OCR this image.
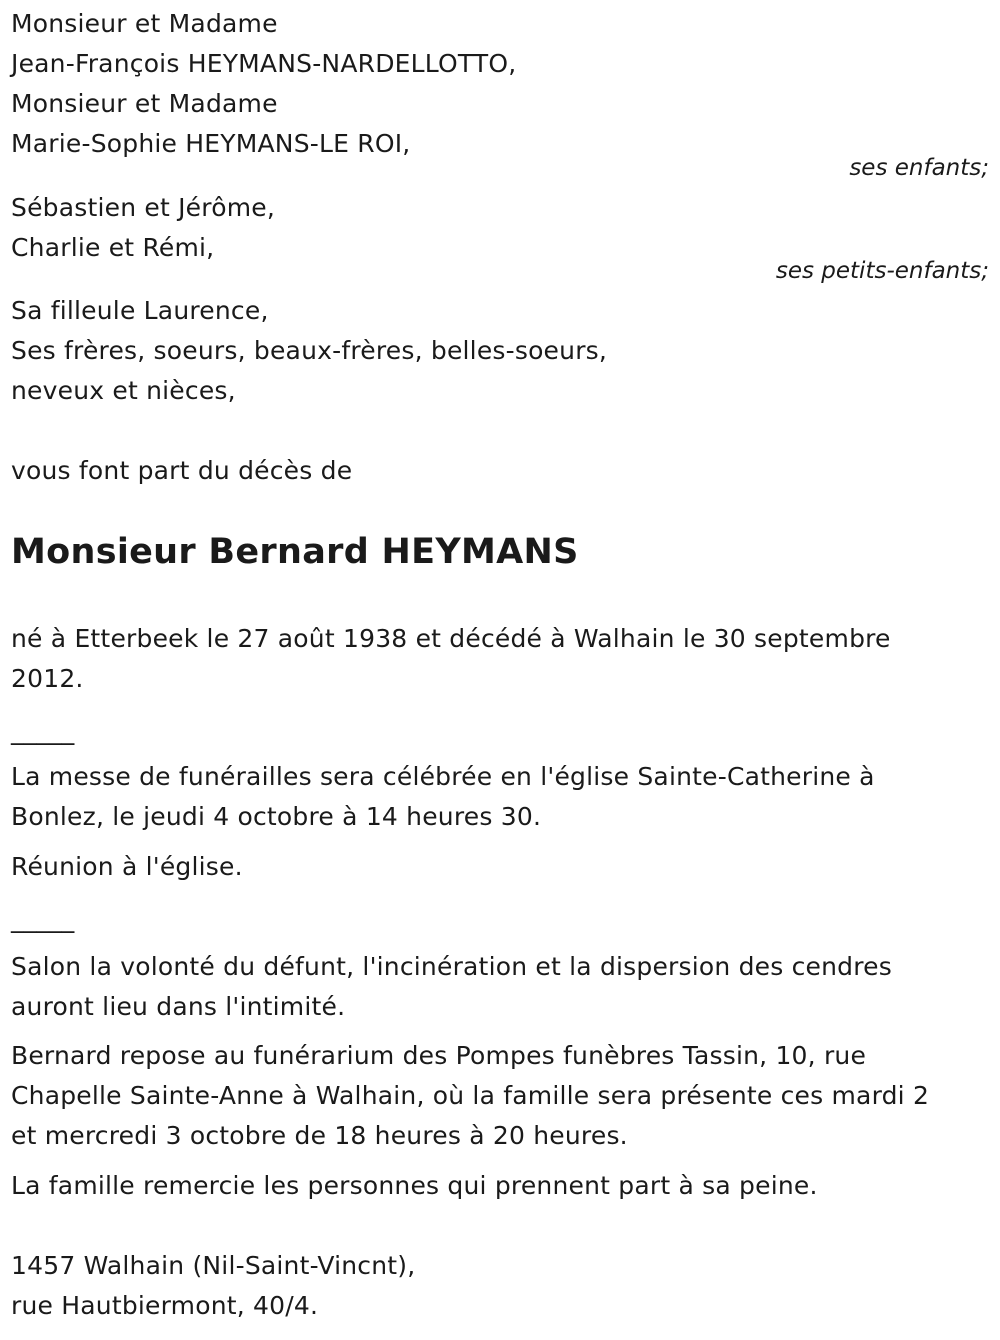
Monsieur et Madame
Jean-François HEYMANS-NARDELLOTTO,
Monsieur et Madame
Marie-Sophie HEYMANS-LE ROI,
ses enfants;
Sébastien et Jérôme,
Charlie et Rémi,
ses petits-enfants;
Sa filleule Laurence,
Ses frères, soeurs, beaux-frères, belles-soeurs,
neveux et nièces,
vous font part du décès de
Monsieur Bernard HEYMANS
né à Etterbeek le 27 août 1938 et décédé à Walhain le 30 septembre
2012.
_____
La messe de funérailles sera célébrée en l'église Sainte-Catherine à
Bonlez, le jeudi 4 octobre à 14 heures 30.
Réunion à l'église.
_____
Salon la volonté du défunt, l'incinération et la dispersion des cendres
auront lieu dans l'intimité.
Bernard repose au funérarium des Pompes funèbres Tassin, 10, rue
Chapelle Sainte-Anne à Walhain, où la famille sera présente ces mardi 2
et mercredi 3 octobre de 18 heures à 20 heures.
La famille remercie les personnes qui prennent part à sa peine.
1457 Walhain (Nil-Saint-Vincnt),
rue Hautbiermont, 40/4.
